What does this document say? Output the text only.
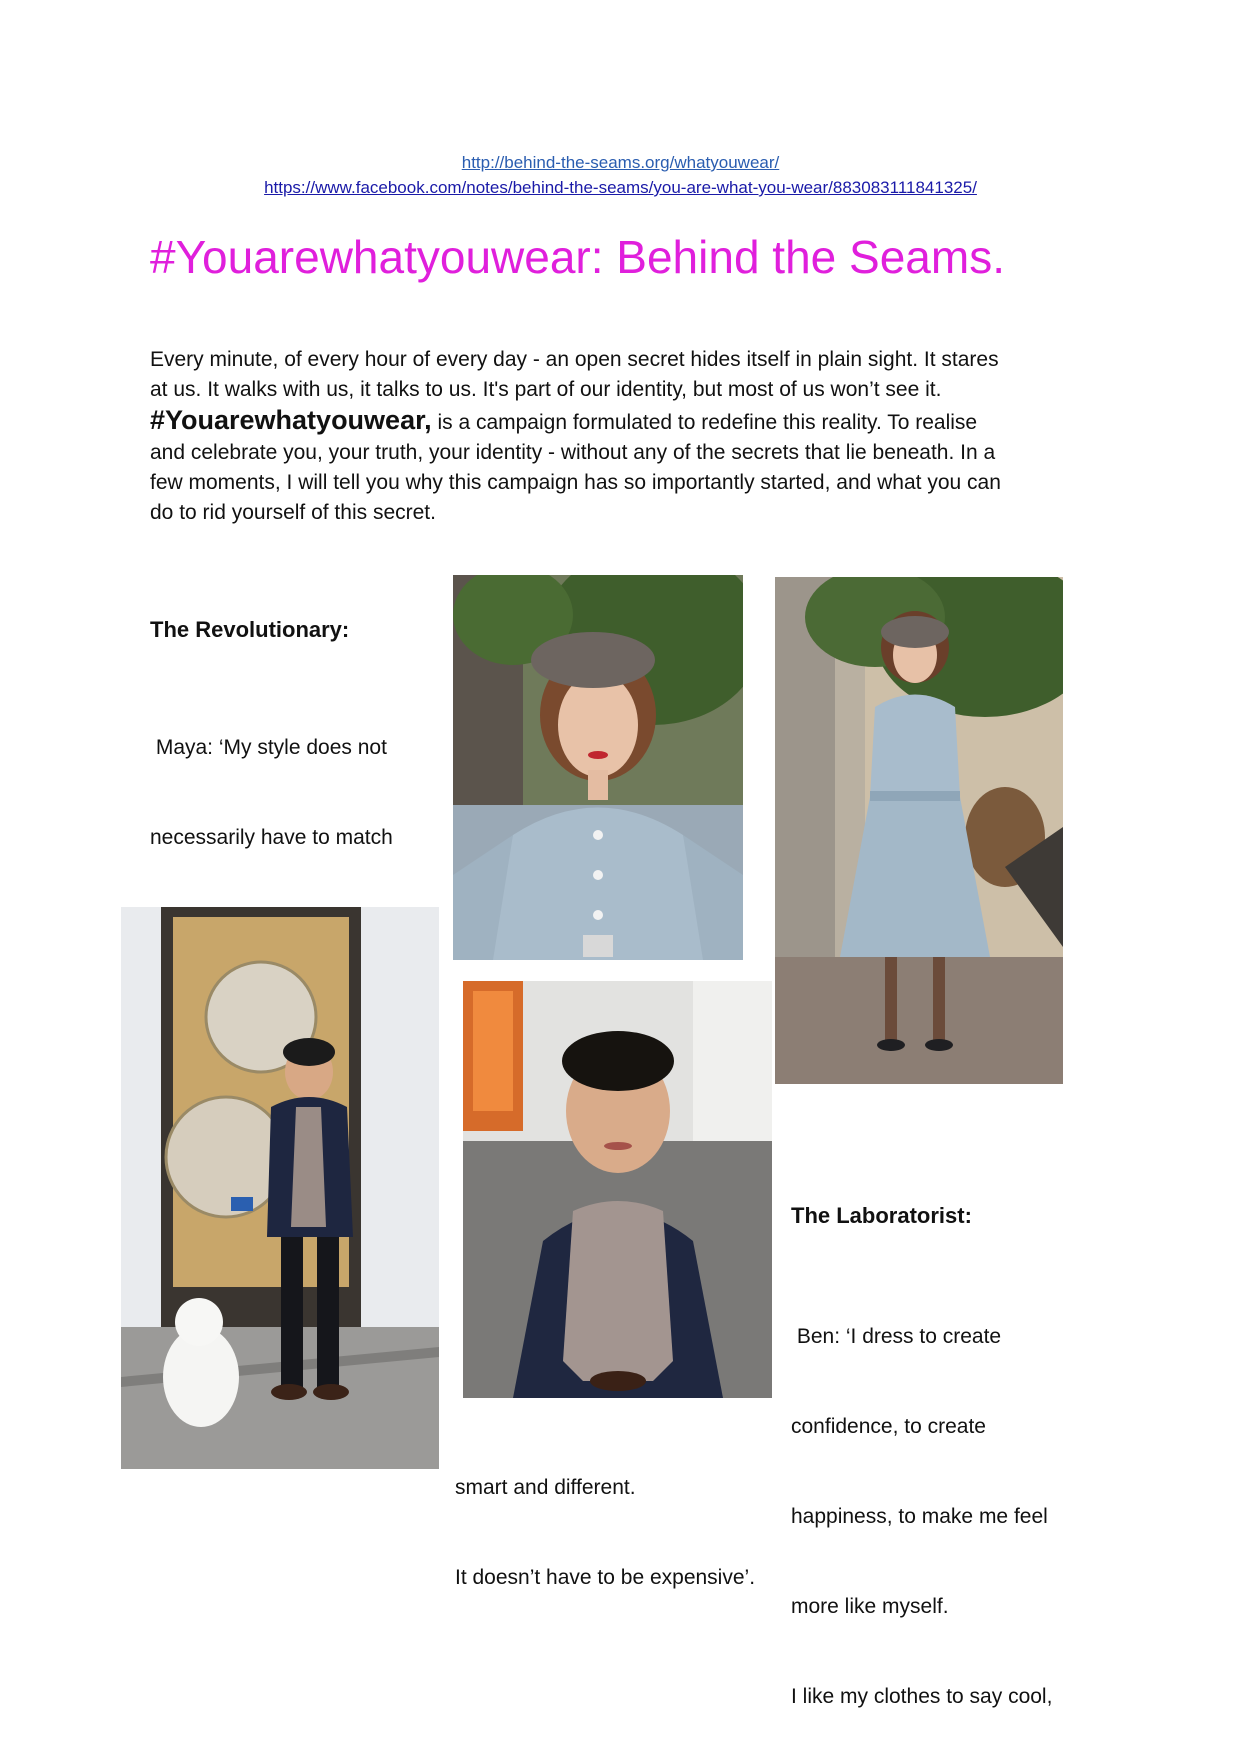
http://behind-the-seams.org/whatyouwear/
https://www.facebook.com/notes/behind-the-seams/you-are-what-you-wear/883083111841325/
#Youarewhatyouwear: Behind the Seams.
Every minute, of every hour of every day - an open secret hides itself in plain sight. It stares
at us. It walks with us, it talks to us. It's part of our identity, but most of us won’t see it.
#Youarewhatyouwear, is a campaign formulated to redefine this reality. To realise
and celebrate you, your truth, your identity - without any of the secrets that lie beneath. In a
few moments, I will tell you why this campaign has so importantly started, and what you can
do to rid yourself of this secret.
The Revolutionary:

Maya: ‘My style does not

necessarily have to match

The Laboratorist:

Ben: ‘I dress to create

confidence, to create

happiness, to make me feel

more like myself.

I like my clothes to say cool,

smart and different.

It doesn’t have to be expensive’.
